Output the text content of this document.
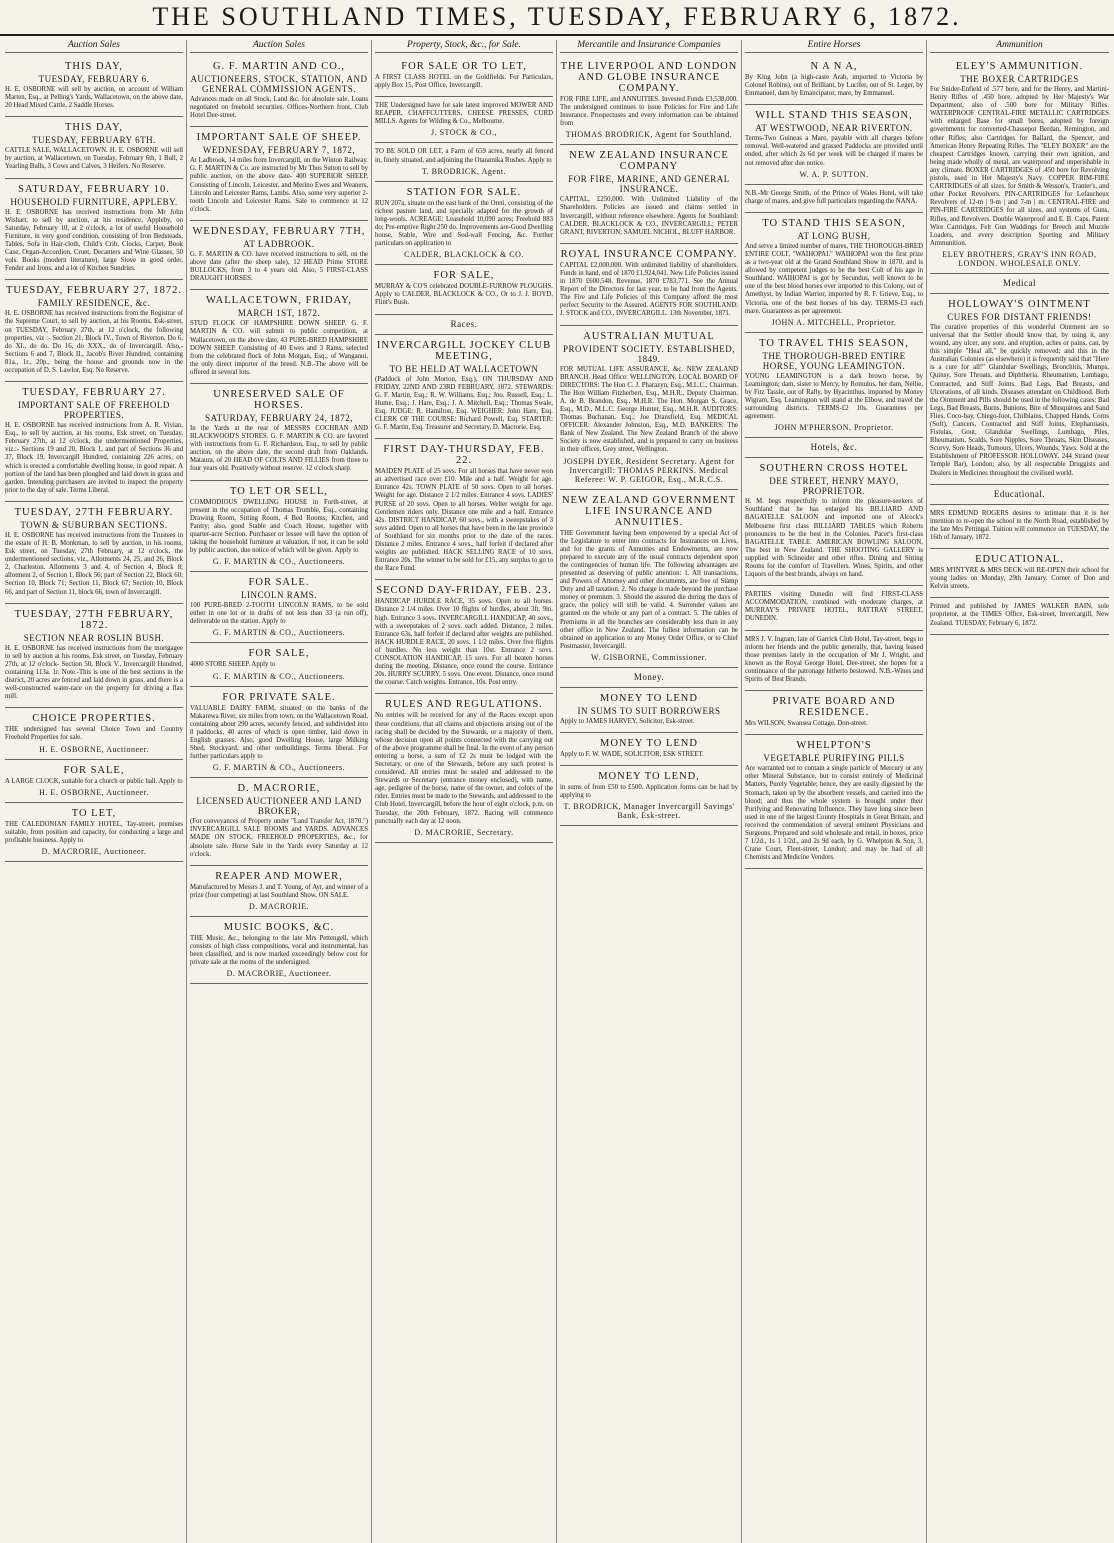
THE SOUTHLAND TIMES, TUESDAY, FEBRUARY 6, 1872.
Auction Sales
THIS DAY,
TUESDAY, FEBRUARY 6.
H. E. OSBORNE will sell by auction, on account of William Marten, Esq., at Pelling's Yards, Wallacetown, on the above date, 20 Head Mixed Cattle, 2 Saddle Horses.
THIS DAY,
TUESDAY, FEBRUARY 6TH.
CATTLE SALE, WALLACETOWN. H. E. OSBORNE will sell by auction, at Wallacetown, on Tuesday, February 6th, 1 Bull, 2 Yearling Bulls, 3 Cows and Calves, 3 Heifers. No Reserve.
SATURDAY, FEBRUARY 10.
HOUSEHOLD FURNITURE, APPLEBY.
H. E. OSBORNE has received instructions from Mr John Wishart, to sell by auction, at his residence, Appleby, on Saturday, February 10, at 2 o'clock, a lot of useful Household Furniture, in very good condition, consisting of Iron Bedsteads, Tables, Sofa in Hair-cloth, Child's Crib, Clocks, Carpet, Book Case, Organ-Accordion, Cruet, Decanters and Wine Glasses, 50 vols. Books (modern literature), large Stove in good order, Fender and Irons, and a lot of Kitchen Sundries.
TUESDAY, FEBRUARY 27, 1872.
FAMILY RESIDENCE, &c.
H. E. OSBORNE has received instructions from the Registrar of the Supreme Court, to sell by auction, at his Rooms, Esk-street, on TUESDAY, February 27th, at 12 o'clock, the following properties, viz :- Section 21, Block IV., Town of Riverton. Do 6, do XI., do do. Do 16, do XXX., do of Invercargill. Also,- Sections 6 and 7, Block II., Jacob's River Hundred, containing 81a., 1r., 20p., being the house and grounds now in the occupation of D. S. Lawlor, Esq. No Reserve.
TUESDAY, FEBRUARY 27.
IMPORTANT SALE OF FREEHOLD PROPERTIES.
H. E. OSBORNE has received instructions from A. R. Vivian, Esq., to sell by auction, at his rooms, Esk street, on Tuesday, February 27th, at 12 o'clock, the undermentioned Properties, viz.:- Sections 19 and 20, Block 1, and part of Sections 36 and 37, Block 19, Invercargill Hundred, containing 226 acres, on which is erected a comfortable dwelling house, in good repair. A portion of the land has been ploughed and laid down in grass and garden. Intending purchasers are invited to inspect the property prior to the day of sale. Terms Liberal.
TUESDAY, 27TH FEBRUARY.
TOWN & SUBURBAN SECTIONS.
H. E. OSBORNE has received instructions from the Trustees in the estate of H. B. Monkman, to sell by auction, in his rooms, Esk street, on Tuesday, 27th February, at 12 o'clock, the undermentioned sections, viz., Allotments 24, 25, and 26, Block 2, Charleston. Allotments 3 and 4, of Section 4, Block 8; allotment 2, of Section 1, Block 56; part of Section 22, Block 60; Section 10, Block 71; Section 11, Block 67; Section 10, Block 66, and part of Section 11, block 66, town of Invercargill.
TUESDAY, 27TH FEBRUARY, 1872.
SECTION NEAR ROSLIN BUSH.
H. E. OSBORNE has received instructions from the mortgagee to sell by auction at his rooms, Esk street, on Tuesday, February 27th, at 12 o'clock- Section 50, Block V., Invercargill Hundred, containing 113a. 1r. Note.-This is one of the best sections in the district, 20 acres are fenced and laid down in grass, and there is a well-constructed water-race on the property for driving a flax mill.
CHOICE PROPERTIES.
THE undersigned has several Choice Town and Country Freehold Properties for sale.
H. E. OSBORNE, Auctioneer.
FOR SALE,
A LARGE CLOCK, suitable for a church or public hall. Apply to
H. E. OSBORNE, Auctioneer.
TO LET,
THE CALEDONIAN FAMILY HOTEL, Tay-street, premises suitable, from position and capacity, for conducting a large and profitable business. Apply to
D. MACRORIE, Auctioneer.
Auction Sales
G. F. MARTIN AND CO.,
AUCTIONEERS, STOCK, STATION, AND GENERAL COMMISSION AGENTS.
Advances made on all Stock, Land &c. for absolute sale. Loans negotiated on freehold securities. Offices-Northern front, Club Hotel Dee-street.
IMPORTANT SALE OF SHEEP.
WEDNESDAY, FEBRUARY 7, 1872,
At Ladbrook, 14 miles from Invercargill, on the Winton Railway. G. F. MARTIN & Co. are instructed by Mr Thos Sutton to sell by public auction, on the above date- 400 SUPERIOR SHEEP, Consisting of Lincoln, Leicester, and Merino Ewes and Weaners, Lincoln and Leicester Rams, Lambs. Also, some very superior 2-tooth Lincoln and Leicester Rams. Sale to commence at 12 o'clock.
WEDNESDAY, FEBRUARY 7TH,
AT LADBROOK.
G. F. MARTIN & CO. have received instructions to sell, on the above date (after the sheep sale), 12 HEAD Prime STORE BULLOCKS, from 3 to 4 years old. Also, 5 FIRST-CLASS DRAUGHT HORSES.
WALLACETOWN, FRIDAY,
MARCH 1ST, 1872.
STUD FLOCK OF HAMPSHIRE DOWN SHEEP. G. F. MARTIN & CO. will submit to public competition, at Wallacetown, on the above date, 43 PURE-BRED HAMPSHIRE DOWN SHEEP. Consisting of 40 Ewes and 3 Rams, selected from the celebrated flock of John Morgan, Esq., of Wanganui, the only direct importer of the breed. N.B.-The above will be offered in several lots.
UNRESERVED SALE OF HORSES.
SATURDAY, FEBRUARY 24, 1872,
In the Yards at the rear of MESSRS COCHRAN AND BLACKWOOD'S STORES. G. F. MARTIN & CO. are favored with instructions from G. F. Richardson, Esq., to sell by public auction, on the above date, the second draft from Oaklands, Mataura, of 20 HEAD OF COLTS AND FILLIES from three to four years old. Positively without reserve. 12 o'clock sharp.
TO LET OR SELL,
COMMODIOUS DWELLING HOUSE in Forth-street, at present in the occupation of Thomas Trumble, Esq., containing Drawing Room, Sitting Room, 4 Bed Rooms, Kitchen, and Pantry; also, good Stable and Coach House, together with quarter-acre Section. Purchaser or lessee will have the option of taking the household furniture at valuation, if not, it can be sold by public auction, due notice of which will be given. Apply to
G. F. MARTIN & CO., Auctioneers.
FOR SALE.
LINCOLN RAMS.
100 PURE-BRED 2-TOOTH LINCOLN RAMS, to be sold either in one lot or in drafts of not less than 33 (a run off), deliverable on the station. Apply to
G. F. MARTIN & CO., Auctioneers.
FOR SALE,
4000 STORE SHEEP. Apply to
G. F. MARTIN & CO., Auctioneers.
FOR PRIVATE SALE.
VALUABLE DAIRY FARM, situated on the banks of the Makarewa River, six miles from town, on the Wallacetown Road, containing about 290 acres, securely fenced, and subdivided into 8 paddocks, 40 acres of which is open timber, laid down in English grasses. Also, good Dwelling House, large Milking Shed, Stockyard, and other outbuildings. Terms liberal. For further particulars apply to
G. F. MARTIN & CO., Auctioneers.
D. MACRORIE,
LICENSED AUCTIONEER AND LAND BROKER,
(For conveyances of Property under "Land Transfer Act, 1870.") INVERCARGILL SALE ROOMS and YARDS. ADVANCES MADE ON STOCK, FREEHOLD PROPERTIES, &c., for absolute sale. Horse Sale in the Yards every Saturday at 12 o'clock.
REAPER AND MOWER,
Manufactured by Messrs J. and T. Young, of Ayr, and winner of a prize (four competing) at last Southland Show, ON SALE.
D. MACRORIE.
MUSIC BOOKS, &C.
THE Music, &c., belonging to the late Mrs Pettengell, which consists of high class compositions, vocal and instrumental, has been classified, and is now marked exceedingly below cost for private sale at the rooms of the undersigned.
D. MACRORIE, Auctioneer.
Property, Stock, &c., for Sale.
FOR SALE OR TO LET,
A FIRST CLASS HOTEL on the Goldfields. For Particulars, apply Box 15, Post Office, Invercargill.
THE Undersigned have for sale latest improved MOWER AND REAPER, CHAFFCUTTERS, CHEESE PRESSES, CURD MILLS. Agents for Wilding & Co., Melbourne.
J. STOCK & CO.,
TO BE SOLD OR LET, a Farm of 659 acres, nearly all fenced in, finely situated, and adjoining the Otaramika Rushes. Apply to
T. BRODRICK, Agent.
STATION FOR SALE.
RUN 207a, situate on the east bank of the Oreti, consisting of the richest pasture land, and specially adapted for the growth of long-wools. ACREAGE: Leasehold 10,090 acres; Freehold 883 do; Pre-emptive Right 250 do. Improvements are-Good Dwelling house, Stable, Wire and Sod-wall Fencing, &c. Further particulars on application to
CALDER, BLACKLOCK & CO.
FOR SALE,
MURRAY & CO'S celebrated DOUBLE-FURROW PLOUGHS. Apply to CALDER, BLACKLOCK & CO., Or to J. J. BOYD, Flint's Bush.
Races.
INVERCARGILL JOCKEY CLUB MEETING,
TO BE HELD AT WALLACETOWN
(Paddock of John Morton, Esq.), ON THURSDAY AND FRIDAY, 22ND AND 23RD FEBRUARY, 1872. STEWARDS: G. F. Martin, Esq.; R. W. Williams, Esq.; Jno. Russell, Esq.; L. Hume, Esq.; J. Hare, Esq.; J. A. Mitchell, Esq.; Thomas Swale, Esq. JUDGE: R. Hamilton, Esq. WEIGHER: John Hare, Esq. CLERK OF THE COURSE: Richard Powell, Esq. STARTER: G. F. Martin, Esq. Treasurer and Secretary, D. Macrorie, Esq.
FIRST DAY-THURSDAY, FEB. 22.
MAIDEN PLATE of 25 sovs. For all horses that have never won an advertised race over £10. Mile and a half. Weight for age. Entrance 42s. TOWN PLATE of 50 sovs. Open to all horses. Weight for age. Distance 2 1/2 miles. Entrance 4 sovs. LADIES' PURSE of 20 sovs. Open to all horses. Welter weight for age. Gentlemen riders only. Distance one mile and a half. Entrance 42s. DISTRICT HANDICAP, 60 sovs., with a sweepstakes of 3 sovs added. Open to all horses that have been in the late province of Southland for six months prior to the date of the races. Distance 2 miles. Entrance 4 sovs., half forfeit if declared after weights are published. HACK SELLING RACE of 10 sovs. Entrance 20s. The winner to be sold for £15, any surplus to go to the Race Fund.
SECOND DAY-FRIDAY, FEB. 23.
HANDICAP HURDLE RACE, 35 sovs. Open to all horses. Distance 2 1/4 miles. Over 10 flights of hurdles, about 3ft. 9in. high. Entrance 3 sovs. INVERCARGILL HANDICAP, 40 sovs., with a sweepstakes of 2 sovs. each added. Distance, 2 miles. Entrance 63s, half forfeit if declared after weights are published. HACK HURDLE RACE, 20 sovs. 1 1/2 miles. Over five flights of hurdles. No less weight than 10st. Entrance 2 sovs. CONSOLATION HANDICAP, 15 sovs. For all beaten horses during the meeting. Distance, once round the course. Entrance 20s. HURRY SCURRY, 5 sovs. One event. Distance, once round the course. Catch weights. Entrance, 10s. Post entry.
RULES AND REGULATIONS.
No entries will be received for any of the Races except upon these conditions, that all claims and objections arising out of the racing shall be decided by the Stewards, or a majority of them, whose decision upon all points connected with the carrying out of the above programme shall be final. In the event of any person entering a horse, a sum of £2 2s must be lodged with the Secretary, or one of the Stewards, before any such protest is considered. All entries must be sealed and addressed to the Stewards or Secretary (entrance money enclosed), with name, age, pedigree of the horse, name of the owner, and colors of the rider. Entries must be made to the Stewards, and addressed to the Club Hotel, Invercargill, before the hour of eight o'clock, p.m. on Tuesday, the 20th February, 1872. Racing will commence punctually each day at 12 noon.
D. MACRORIE, Secretary.
Mercantile and Insurance Companies
THE LIVERPOOL AND LONDON AND GLOBE INSURANCE COMPANY.
FOR FIRE LIFE, and ANNUITIES. Invested Funds £3,538,000. The undersigned continues to issue Policies for Fire and Life Insurance. Prospectuses and every information can be obtained from
THOMAS BRODRICK, Agent for Southland.
NEW ZEALAND INSURANCE COMPANY
FOR FIRE, MARINE, AND GENERAL INSURANCE.
CAPITAL, £250,000. With Unlimited Liability of the Shareholders. Policies are issued and claims settled in Invercargill, without reference elsewhere. Agents for Southland: CALDER, BLACKLOCK & CO., INVERCARGILL; PETER GRANT, RIVERTON; SAMUEL NICHOL, BLUFF HARBOR.
ROYAL INSURANCE COMPANY.
CAPITAL £2,000,000. With unlimited liability of shareholders. Funds in hand, end of 1870 £1,924,041. New Life Policies issued in 1870 £600,548. Revenue, 1870 £783,771. See the Annual Report of the Directors for last year, to be had from the Agents. The Fire and Life Policies of this Company afford the most perfect Security to the Assured. AGENTS FOR SOUTHLAND: J. STOCK and CO., INVERCARGILL. 13th November, 1871.
AUSTRALIAN MUTUAL
PROVIDENT SOCIETY. ESTABLISHED, 1849.
FOR MUTUAL LIFE ASSURANCE, &c. NEW ZEALAND BRANCH. Head Office: WELLINGTON. LOCAL BOARD OF DIRECTORS: The Hon C. J. Pharazyn, Esq., M.L.C., Chairman. The Hon William Fitzherbert, Esq., M.H.R., Deputy Chairman. A. de B. Brandon, Esq., M.H.R. The Hon. Morgan S. Grace, Esq., M.D., M.L.C. George Hunter, Esq., M.H.R. AUDITORS: Thomas Buchanan, Esq.; Joe Dransfield, Esq. MEDICAL OFFICER: Alexander Johnston, Esq., M.D. BANKERS: The Bank of New Zealand. The New Zealand Branch of the above Society is now established, and is prepared to carry on business in their offices, Grey street, Wellington.
JOSEPH DYER, Resident Secretary. Agent for Invercargill: THOMAS PERKINS. Medical Referee: W. P. GEIGOR, Esq., M.R.C.S.
NEW ZEALAND GOVERNMENT LIFE INSURANCE AND ANNUITIES.
THE Government having been empowered by a special Act of the Legislature to enter into contracts for Insurances on Lives, and for the grants of Annuities and Endowments, are now prepared to execute any of the usual contracts dependent upon the contingencies of human life. The following advantages are presented as deserving of public attention: 1. All transactions, and Powers of Attorney and other documents, are free of Stamp Duty and all taxation. 2. No charge is made beyond the purchase money or premium. 3. Should the assured die during the days of grace, the policy will still be valid. 4. Surrender values are granted on the whole or any part of a contract. 5. The tables of Premiums in all the branches are considerably less than in any other office in New Zealand. The fullest information can be obtained on application to any Money Order Office, or to Chief Postmaster, Invercargill.
W. GISBORNE, Commissioner.
Money.
MONEY TO LEND
IN SUMS TO SUIT BORROWERS
Apply to JAMES HARVEY, Solicitor, Esk-street.
MONEY TO LEND
Apply to F. W. WADE, SOLICITOR, ESK STREET.
MONEY TO LEND,
in sums of from £50 to £500. Application forms can be had by applying to
T. BRODRICK, Manager Invercargill Savings' Bank, Esk-street.
Entire Horses
N A N A,
By King John (a high-caste Arab, imported to Victoria by Colonel Robins), out of Brilliant, by Lucifer, out of St. Leger, by Emmanuel, dam by Emancipator, mare, by Emmanuel.
WILL STAND THIS SEASON,
AT WESTWOOD, NEAR RIVERTON.
Terms-Two Guineas a Mare, payable with all charges before removal. Well-watered and grassed Paddocks are provided until ended, after which 2s 6d per week will be charged if mares be not removed after due notice.
W. A. P. SUTTON.
N.B.-Mr George Smith, of the Prince of Wales Hotel, will take charge of mares, and give full particulars regarding the NANA.
TO STAND THIS SEASON,
AT LONG BUSH,
And serve a limited number of mares, THE THOROUGH-BRED ENTIRE COLT, "WAIHOPAI." WAIHOPAI won the first prize as a two-year old at the Grand Southland Show in 1870, and is allowed by competent judges to be the best Colt of his age in Southland. WAIHOPAI is got by Secundus, well known to be one of the best blood horses ever imported to this Colony, out of Amethyst, by Indian Warrior, imported by R. F. Grieve, Esq., to Victoria, one of the best horses of his day. TERMS-£3 each mare. Guarantees as per agreement.
JOHN A. MITCHELL, Proprietor.
TO TRAVEL THIS SEASON,
THE THOROUGH-BRED ENTIRE HORSE, YOUNG LEAMINGTON.
YOUNG LEAMINGTON is a dark brown horse, by Leamington; dam, sister to Mercy, by Romulus, her dam, Nellie, by Fitz Tassle, out of Rally, by Hyacinthus, imported by Money Wigram, Esq. Leamington will stand at the Elbow, and travel the surrounding districts. TERMS-£2 10s. Guarantees per agreement.
JOHN M'PHERSON, Proprietor.
Hotels, &c.
SOUTHERN CROSS HOTEL
DEE STREET, HENRY MAYO, PROPRIETOR.
H. M. begs respectfully to inform the pleasure-seekers of Southland that he has enlarged his BILLIARD AND BAGATELLE SALOON and imported one of Alcock's Melbourne first class BILLIARD TABLES which Roberts pronounces to be the best in the Colonies. Pacer's first-class BAGATELLE TABLE. AMERICAN BOWLING SALOON, The best in New Zealand. THE SHOOTING GALLERY is supplied with Schneider and other rifles. Dining and Sitting Rooms for the comfort of Travellers. Wines, Spirits, and other Liquors of the best brands, always on hand.
PARTIES visiting Dunedin will find FIRST-CLASS ACCOMMODATION, combined with moderate charges, at MURRAY'S PRIVATE HOTEL, RATTRAY STREET, DUNEDIN.
MRS J. V. Ingram, late of Garrick Club Hotel, Tay-street, begs to inform her friends and the public generally, that, having leased those premises lately in the occupation of Mr J. Wright, and known as the Royal George Hotel, Dee-street, she hopes for a continuance of the patronage hitherto bestowed. N.B.-Wines and Spirits of Best Brands.
PRIVATE BOARD AND RESIDENCE.
Mrs WILSON, Swansea Cottage, Don-street.
WHELPTON'S
VEGETABLE PURIFYING PILLS
Are warranted not to contain a single particle of Mercury or any other Mineral Substance, but to consist entirely of Medicinal Matters, Purely Vegetable; hence, they are easily digested by the Stomach, taken up by the absorbent vessels, and carried into the blood; and thus the whole system is brought under their Purifying and Renovating Influence. They have long since been used in one of the largest County Hospitals in Great Britain, and received the commendation of several eminent Physicians and Surgeons. Prepared and sold wholesale and retail, in boxes, price 7 1/2d., 1s 1 1/2d., and 2s 9d each, by G. Whelpton & Son, 3, Crane Court, Fleet-street, London; and may be had of all Chemists and Medicine Vendors.
Ammunition
ELEY'S AMMUNITION.
THE BOXER CARTRIDGES
For Snider-Enfield of .577 bore, and for the Henry, and Martini-Henry Rifles of .450 bore, adopted by Her Majesty's War Department, also of .500 bore for Military Rifles. WATERPROOF CENTRAL-FIRE METALLIC CARTRIDGES with enlarged Base for small bores, adopted by foreign governments for converted-Chassepot Berdan, Remington, and other Rifles; also Cartridges for Ballard, the Spencer, and American Henry Repeating Rifles. The "ELEY BOXER" are the cheapest Cartridges known, carrying their own ignition, and being made wholly of metal, are waterproof and unperishable in any climate. BOXER CARTRIDGES of .450 bore for Revolving pistols, used in Her Majesty's Navy. COPPER RIM-FIRE CARTRIDGES of all sizes, for Smith & Wesson's, Tranter's, and other Pocket Revolvers. PIN-CARTRIDGES for Lefaucheux Revolvers of 12-m | 9-m | and 7-m | m. CENTRAL-FIRE and PIN-FIRE CARTRIDGES for all sizes, and systems of Guns, Rifles, and Revolvers. Double Waterproof and E. B. Caps, Patent Wire Cartridges, Felt Gun Waddings for Breech and Muzzle Loaders, and every description Sporting and Military Ammunition.
ELEY BROTHERS, GRAY'S INN ROAD, LONDON. WHOLESALE ONLY.
Medical
HOLLOWAY'S OINTMENT
CURES FOR DISTANT FRIENDS!
The curative properties of this wonderful Ointment are so universal that the Settler should know that, by using it, any wound, any ulcer, any sore, and eruption, aches or pains, can, by this simple "Heal all," be quickly removed; and this in the Australian Colonies (as elsewhere) it is frequently said that "Here is a cure for all!" Glandular Swellings, Bronchitis, Mumps, Quinsy, Sore Throats, and Diphtheria. Rheumatism, Lumbago, Contracted, and Stiff Joints. Bad Legs, Bad Breasts, and Ulcerations, of all kinds. Diseases attendant on Childhood. Both the Ointment and Pills should be used in the following cases: Bad Legs, Bad Breasts, Burns, Bunions, Bite of Musquitoes and Sand Flies, Coco-bay, Chiego-foot, Chilblains, Chapped Hands, Corns (Soft), Cancers, Contracted and Stiff Joints, Elephantiasis, Fistulas, Gout, Glandular Swellings, Lumbago, Piles, Rheumatism, Scalds, Sore Nipples, Sore Throats, Skin Diseases, Scurvy, Sore Heads, Tumours, Ulcers, Wounds, Yaws. Sold at the Establishment of PROFESSOR HOLLOWAY, 244 Strand (near Temple Bar), London; also, by all respectable Druggists and Dealers in Medicines throughout the civilised world.
Educational.
MRS EDMUND ROGERS desires to intimate that it is her intention to re-open the school in the North Road, established by the late Mrs Pettingal. Tuition will commence on TUESDAY, the 16th of January, 1872.
EDUCATIONAL.
MRS M'INTYRE & MRS DECK will RE-OPEN their school for young ladies on Monday, 29th January. Corner of Don and Kelvin streets.
Printed and published by JAMES WALKER BAIN, sole proprietor, at the TIMES Office, Esk-street, Invercargill, New Zealand. TUESDAY, February 6, 1872.
